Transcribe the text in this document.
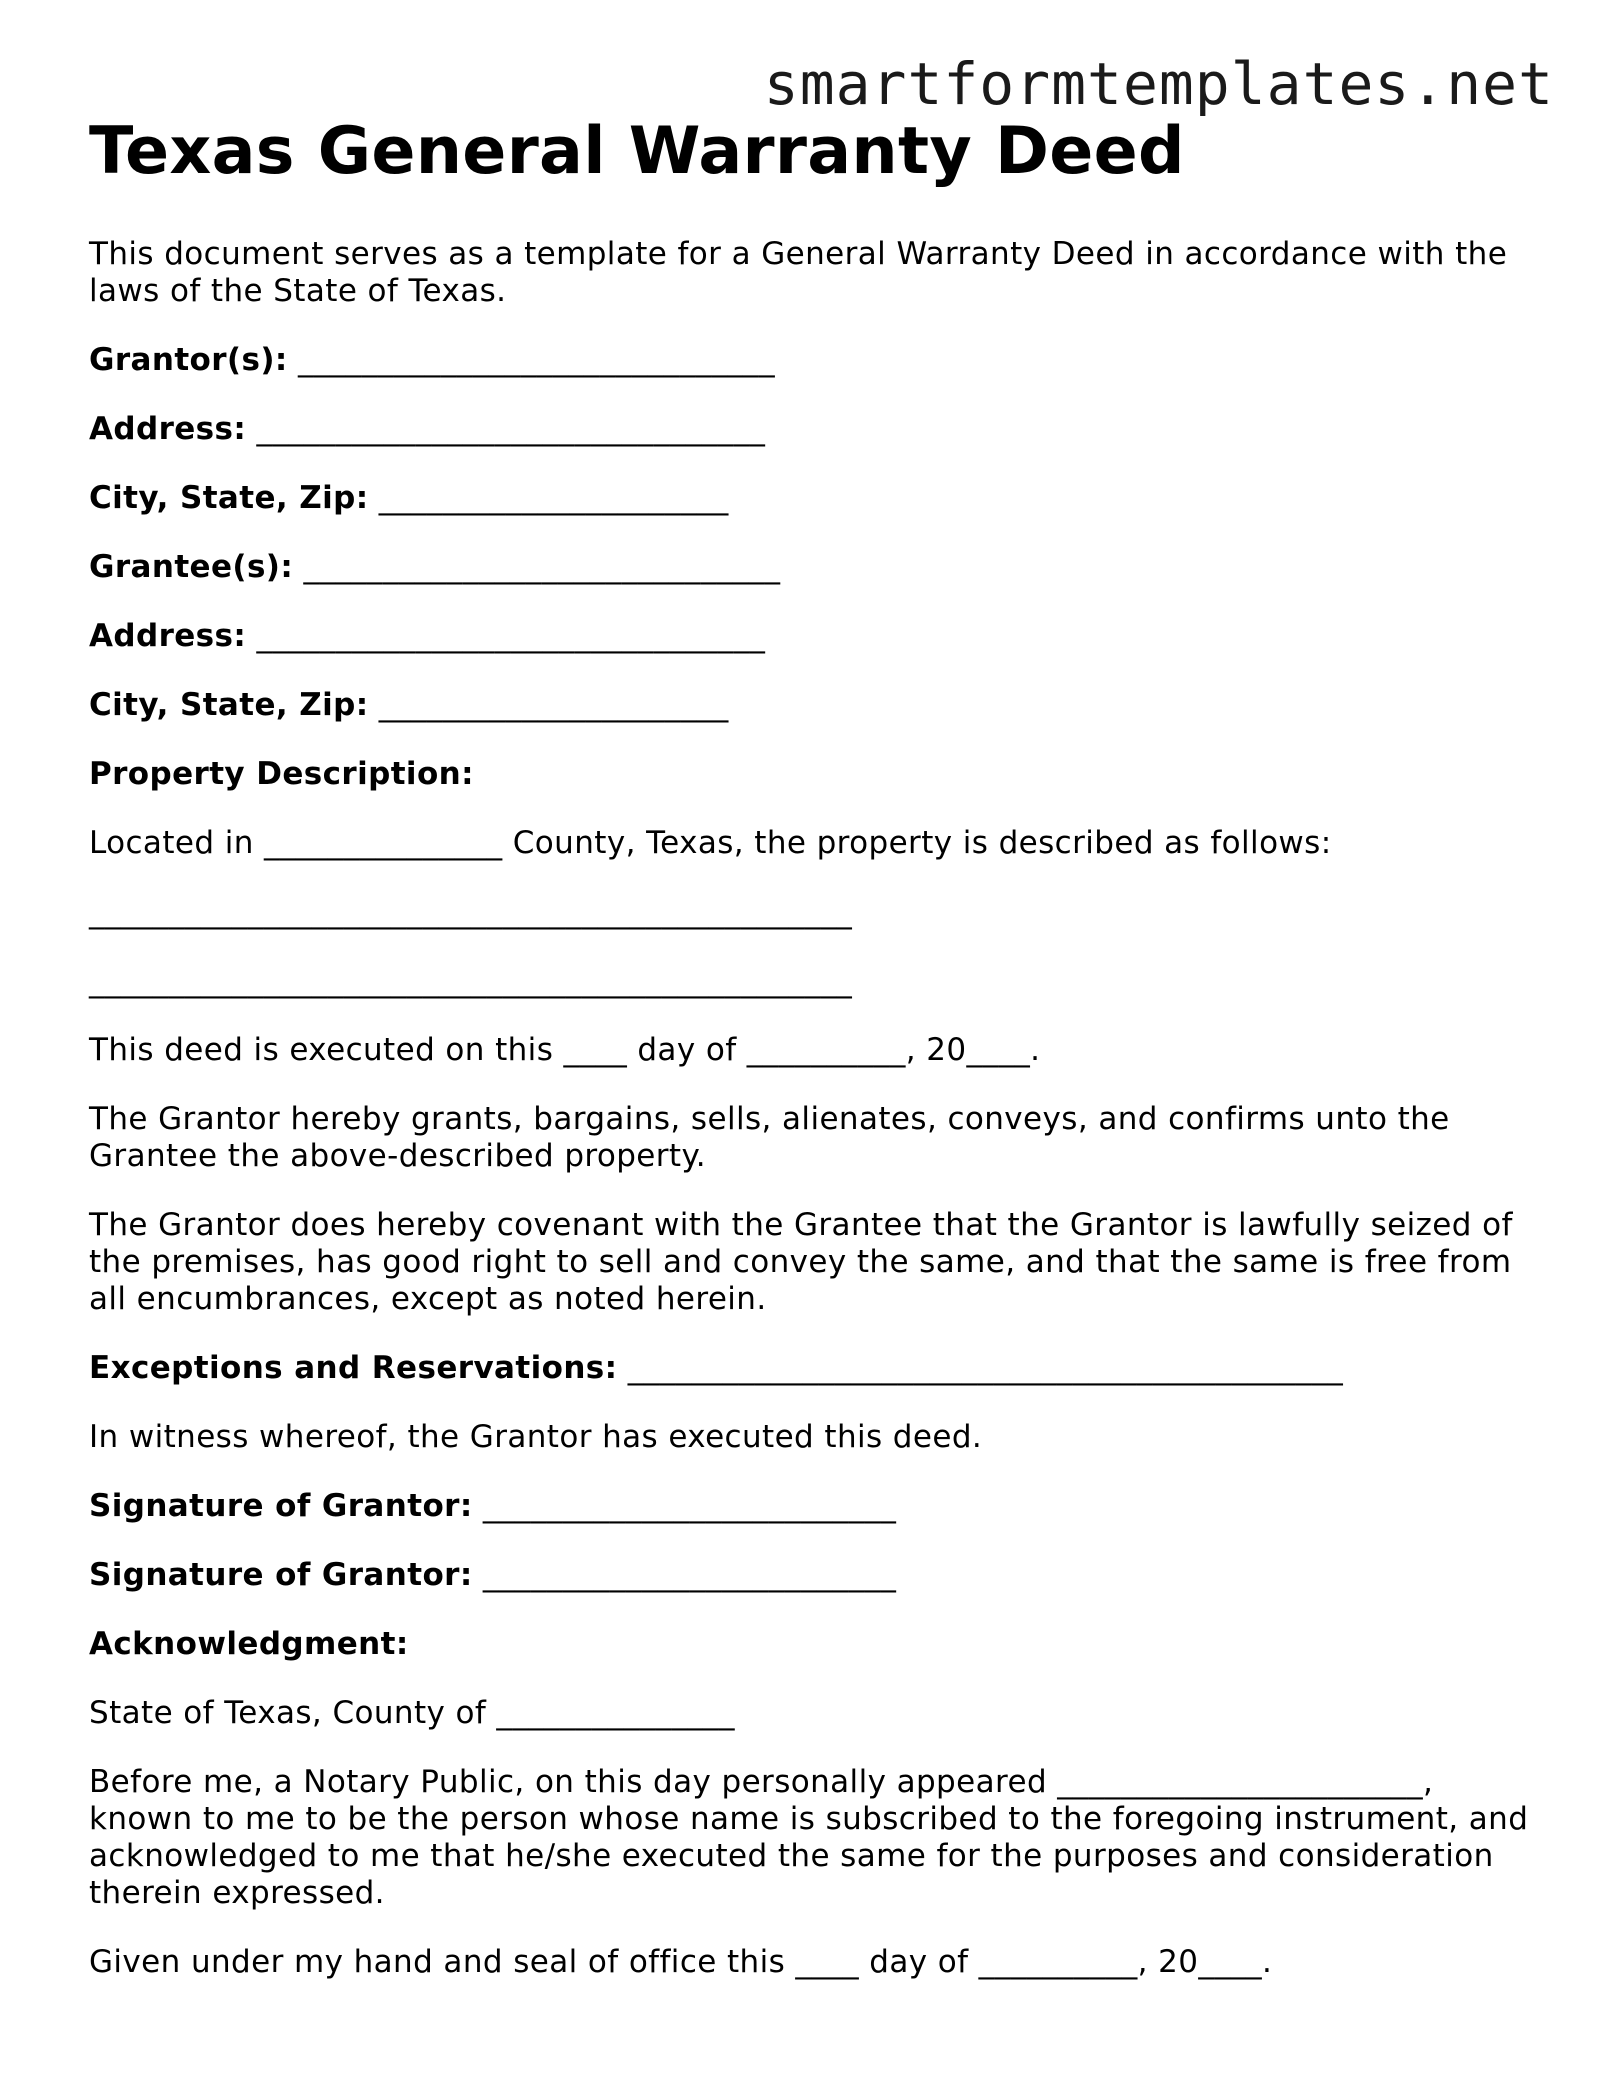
smartformtemplates.net
Texas General Warranty Deed

This document serves as a template for a General Warranty Deed in accordance with the laws of the State of Texas.

Grantor(s): ______________________________

Address: ________________________________

City, State, Zip: ______________________

Grantee(s): ______________________________

Address: ________________________________

City, State, Zip: ______________________

Property Description:

Located in _______________ County, Texas, the property is described as follows:

________________________________________________

________________________________________________

This deed is executed on this ____ day of __________, 20____.

The Grantor hereby grants, bargains, sells, alienates, conveys, and confirms unto the Grantee the above-described property.

The Grantor does hereby covenant with the Grantee that the Grantor is lawfully seized of the premises, has good right to sell and convey the same, and that the same is free from all encumbrances, except as noted herein.

Exceptions and Reservations: _____________________________________________

In witness whereof, the Grantor has executed this deed.

Signature of Grantor: __________________________

Signature of Grantor: __________________________

Acknowledgment:

State of Texas, County of _______________

Before me, a Notary Public, on this day personally appeared _______________________, known to me to be the person whose name is subscribed to the foregoing instrument, and acknowledged to me that he/she executed the same for the purposes and consideration therein expressed.

Given under my hand and seal of office this ____ day of __________, 20____.
